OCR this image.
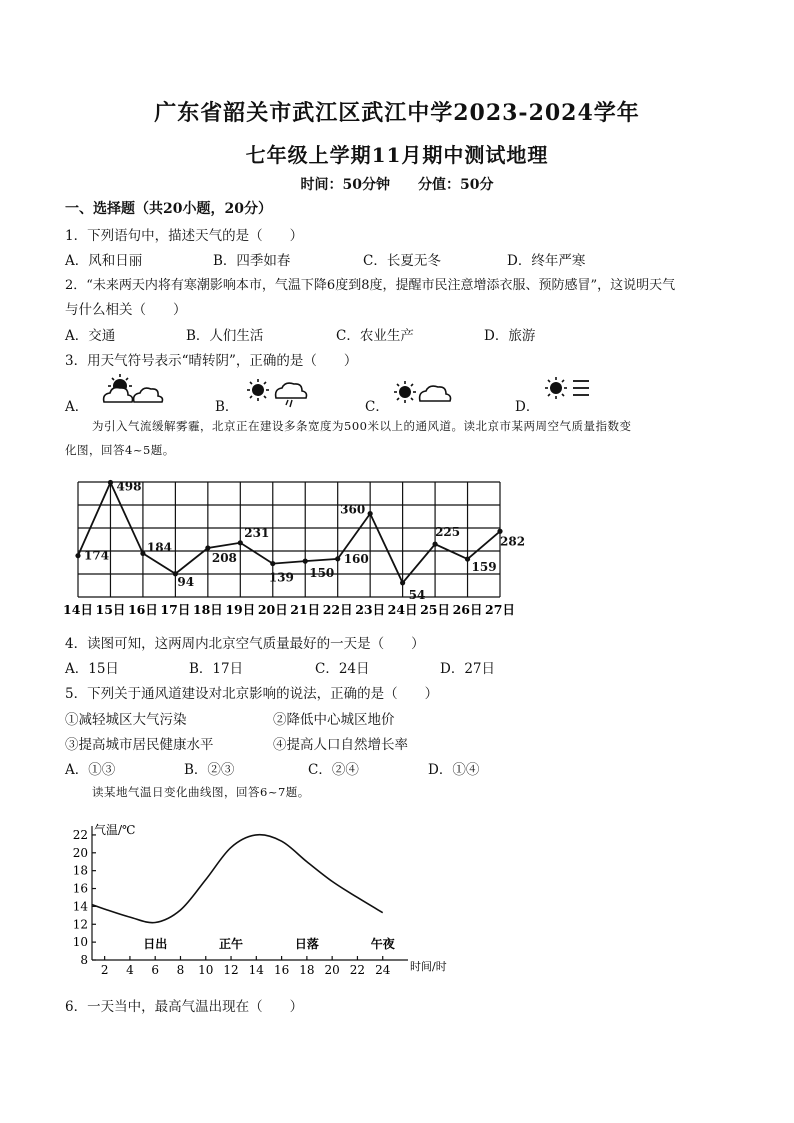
广东省韶关市武江区武江中学2023-2024学年
七年级上学期11月期中测试地理
时间：50分钟　　分值：50分
一、选择题（共20小题，20分）
1．下列语句中，描述天气的是（　　）
A．风和日丽	B．四季如春	C．长夏无冬	D．终年严寒
2．“未来两天内将有寒潮影响本市，气温下降6度到8度，提醒市民注意增添衣服、预防感冒”，这说明天气
与什么相关（　　）
A．交通	B．人们生活	C．农业生产	D．旅游
3．用天气符号表示“晴转阴”，正确的是（　　）
A．	B．	C．	D．
为引入气流缓解雾霾，北京正在建设多条宽度为500米以上的通风道。读北京市某两周空气质量指数变
化图，回答4~5题。
174
498
184
94
208
231
139 150
160
360
54
225
159
282
14日 15日 16日 17日 18日 19日 20日 21日 22日 23日 24日 25日 26日 27日
4．读图可知，这两周内北京空气质量最好的一天是（　　）
A．15日	B．17日	C．24日	D．27日
5．下列关于通风道建设对北京影响的说法，正确的是（　　）
①减轻城区大气污染	②降低中心城区地价
③提高城市居民健康水平	④提高人口自然增长率
A．①③	B．②③	C．②④	D．①④
读某地气温日变化曲线图，回答6~7题。
8
10
12
14
16
18
20
22
2 4 6 8 10 12 14 16 18 20 22 24
日出	正午	日落	午夜
气温/℃
时间/时
6．一天当中，最高气温出现在（　　）
